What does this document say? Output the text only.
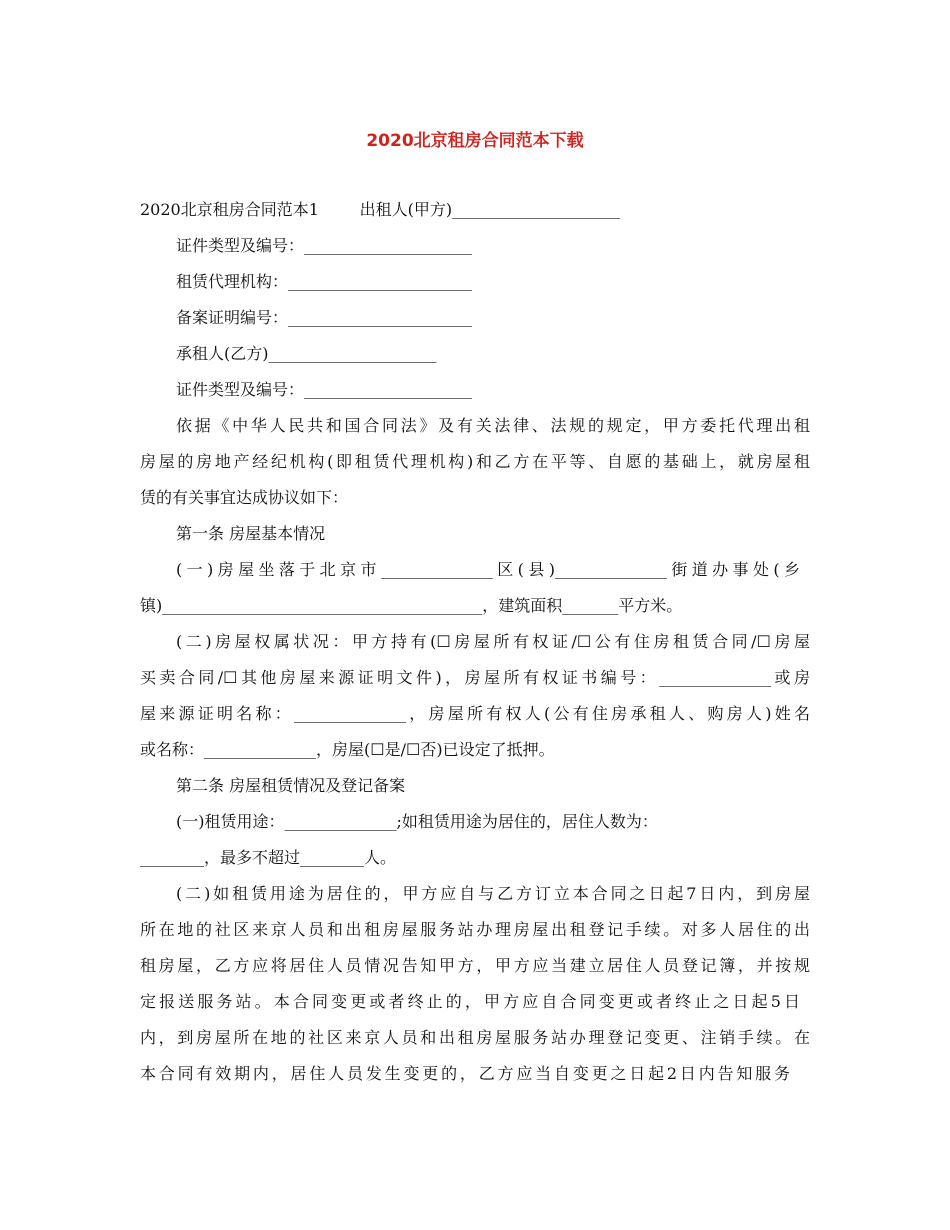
2020北京租房合同范本下载
2020北京租房合同范本1        出租人(甲方)_____________________
证件类型及编号：_____________________
租赁代理机构：_______________________
备案证明编号：_______________________
承租人(乙方)_____________________
证件类型及编号：_____________________
依据《中华人民共和国合同法》及有关法律、法规的规定，甲方委托代理出租
房屋的房地产经纪机构(即租赁代理机构)和乙方在平等、自愿的基础上，就房屋租
赁的有关事宜达成协议如下：
第一条 房屋基本情况
(一)房屋坐落于北京市______________区(县)______________街道办事处(乡
镇)________________________________________，建筑面积_______平方米。
(二)房屋权属状况：甲方持有(☐房屋所有权证/☐公有住房租赁合同/☐房屋
买卖合同/☐其他房屋来源证明文件)，房屋所有权证书编号：______________或房
屋来源证明名称：______________，房屋所有权人(公有住房承租人、购房人)姓名
或名称：______________，房屋(☐是/☐否)已设定了抵押。
第二条 房屋租赁情况及登记备案
(一)租赁用途：______________;如租赁用途为居住的，居住人数为：
________，最多不超过________人。
(二)如租赁用途为居住的，甲方应自与乙方订立本合同之日起7日内，到房屋
所在地的社区来京人员和出租房屋服务站办理房屋出租登记手续。对多人居住的出
租房屋，乙方应将居住人员情况告知甲方，甲方应当建立居住人员登记簿，并按规
定报送服务站。本合同变更或者终止的，甲方应自合同变更或者终止之日起5日
内，到房屋所在地的社区来京人员和出租房屋服务站办理登记变更、注销手续。在
本合同有效期内，居住人员发生变更的，乙方应当自变更之日起2日内告知服务
